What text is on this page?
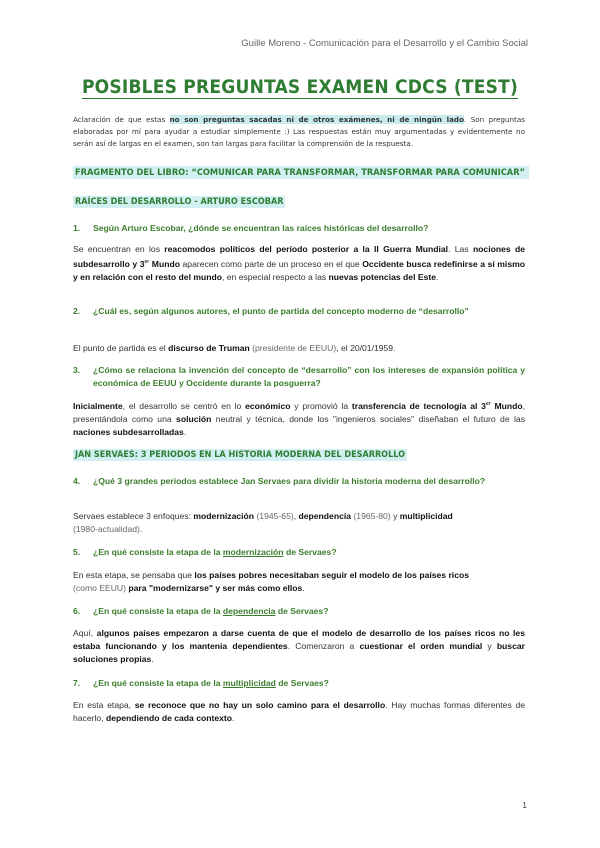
Guille Moreno - Comunicación para el Desarrollo y el Cambio Social
POSIBLES PREGUNTAS EXAMEN CDCS (TEST)
Aclaración de que estas no son preguntas sacadas ni de otros exámenes, ni de ningún lado. Son preguntas elaboradas por mí para ayudar a estudiar simplemente :) Las respuestas están muy argumentadas y evidentemente no serán así de largas en el examen, son tan largas para facilitar la comprensión de la respuesta.
FRAGMENTO DEL LIBRO: “COMUNICAR PARA TRANSFORMAR, TRANSFORMAR PARA COMUNICAR”
RAÍCES DEL DESARROLLO - ARTURO ESCOBAR
1. Según Arturo Escobar, ¿dónde se encuentran las raíces históricas del desarrollo?
Se encuentran en los reacomodos políticos del período posterior a la II Guerra Mundial. Las nociones de subdesarrollo y 3er Mundo aparecen como parte de un proceso en el que Occidente busca redefinirse a sí mismo y en relación con el resto del mundo, en especial respecto a las nuevas potencias del Este.
2. ¿Cuál es, según algunos autores, el punto de partida del concepto moderno de “desarrollo”
El punto de partida es el discurso de Truman (presidente de EEUU), el 20/01/1959.
3. ¿Cómo se relaciona la invención del concepto de “desarrollo” con los intereses de expansión política y económica de EEUU y Occidente durante la posguerra?
Inicialmente, el desarrollo se centró en lo económico y promovió la transferencia de tecnología al 3er Mundo, presentándola como una solución neutral y técnica, donde los "ingenieros sociales" diseñaban el futuro de las naciones subdesarrolladas.
JAN SERVAES: 3 PERIODOS EN LA HISTORIA MODERNA DEL DESARROLLO
4. ¿Qué 3 grandes periodos establece Jan Servaes para dividir la historia moderna del desarrollo?
Servaes establece 3 enfoques: modernización (1945-65), dependencia (1965-80) y multiplicidad
(1980-actualidad).
5. ¿En qué consiste la etapa de la modernización de Servaes?
En esta etapa, se pensaba que los países pobres necesitaban seguir el modelo de los países ricos
(como EEUU) para "modernizarse" y ser más como ellos.
6. ¿En qué consiste la etapa de la dependencia de Servaes?
Aquí, algunos países empezaron a darse cuenta de que el modelo de desarrollo de los países ricos no les estaba funcionando y los mantenía dependientes. Comenzaron a cuestionar el orden mundial y buscar soluciones propias.
7. ¿En qué consiste la etapa de la multiplicidad de Servaes?
En esta etapa, se reconoce que no hay un solo camino para el desarrollo. Hay muchas formas diferentes de hacerlo, dependiendo de cada contexto.
1
